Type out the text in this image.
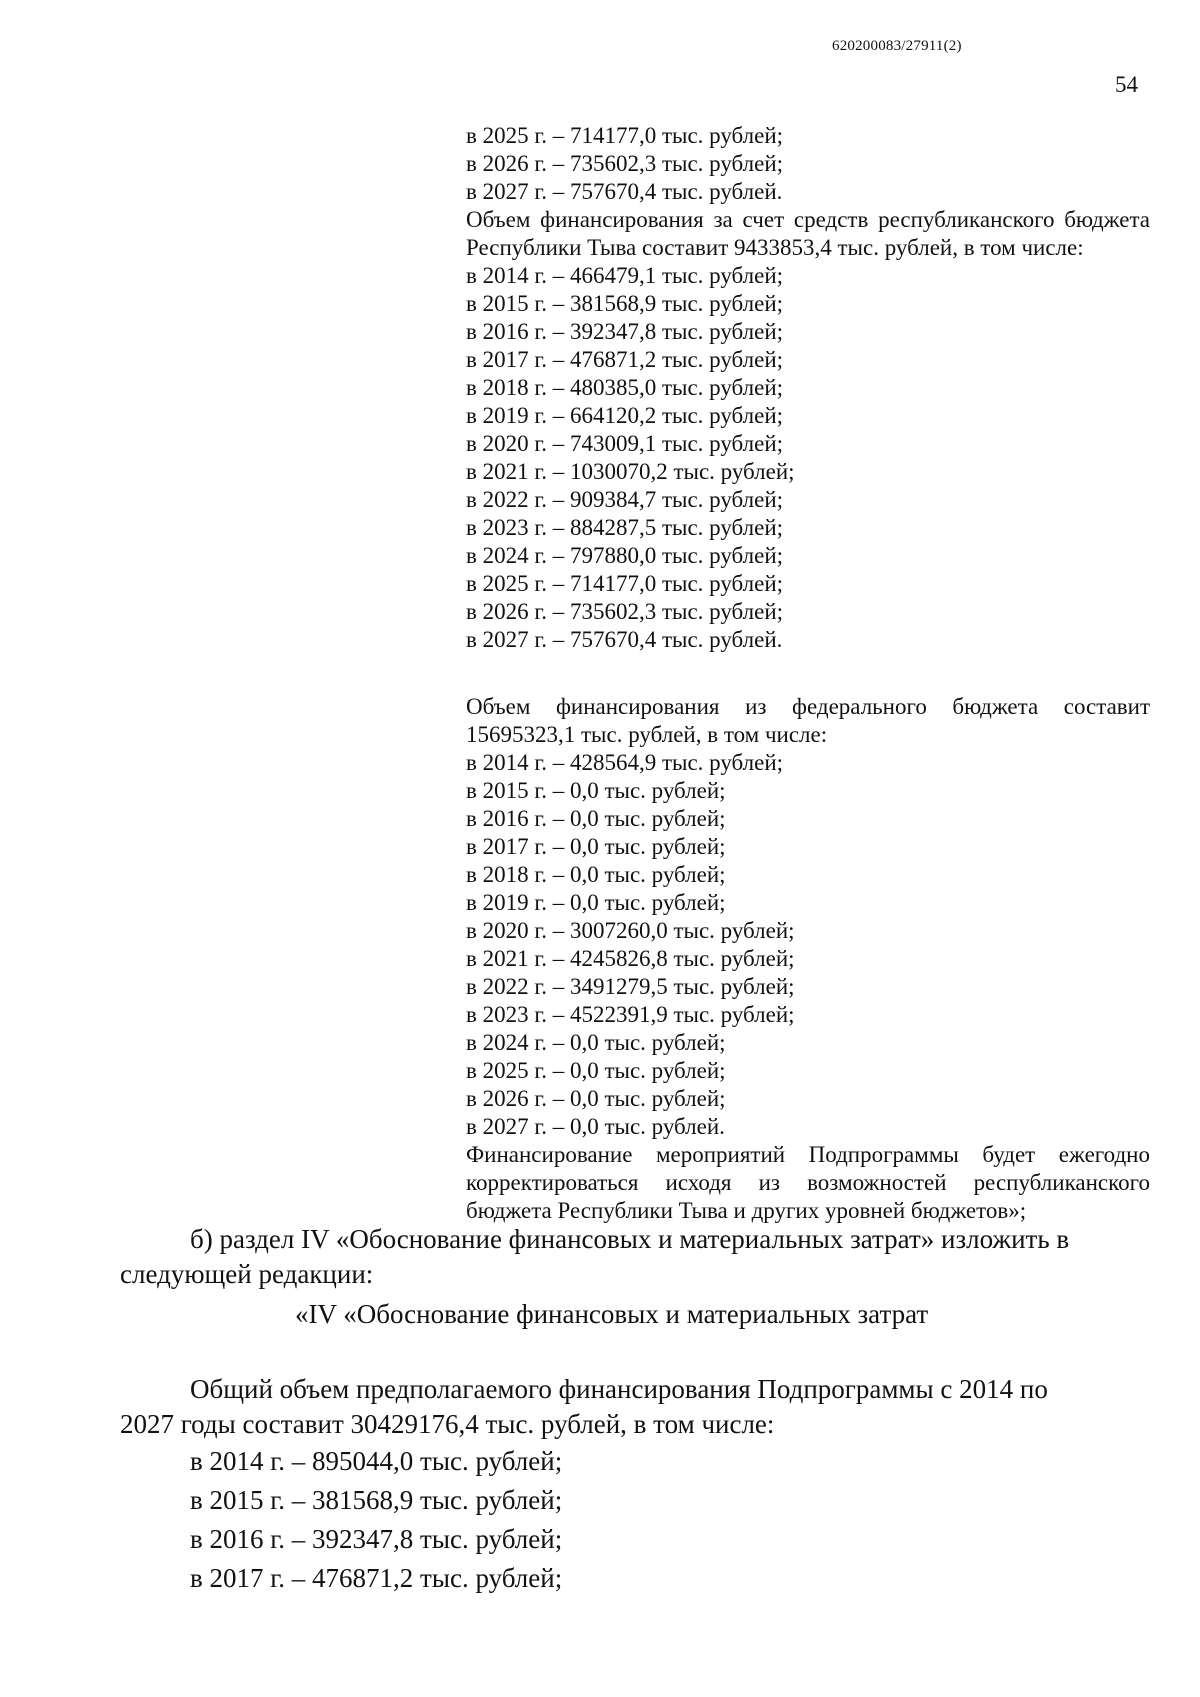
620200083/27911(2)
54
в 2025 г. – 714177,0 тыс. рублей;
в 2026 г. – 735602,3 тыс. рублей;
в 2027 г. – 757670,4 тыс. рублей.
Объем финансирования за счет средств республиканского бюджета Республики Тыва составит 9433853,4 тыс. рублей, в том числе:
в 2014 г. – 466479,1 тыс. рублей;
в 2015 г. – 381568,9 тыс. рублей;
в 2016 г. – 392347,8 тыс. рублей;
в 2017 г. – 476871,2 тыс. рублей;
в 2018 г. – 480385,0 тыс. рублей;
в 2019 г. – 664120,2 тыс. рублей;
в 2020 г. – 743009,1 тыс. рублей;
в 2021 г. – 1030070,2 тыс. рублей;
в 2022 г. – 909384,7 тыс. рублей;
в 2023 г. – 884287,5 тыс. рублей;
в 2024 г. – 797880,0 тыс. рублей;
в 2025 г. – 714177,0 тыс. рублей;
в 2026 г. – 735602,3 тыс. рублей;
в 2027 г. – 757670,4 тыс. рублей.
Объем финансирования из федерального бюджета составит 15695323,1 тыс. рублей, в том числе:
в 2014 г. – 428564,9 тыс. рублей;
в 2015 г. – 0,0 тыс. рублей;
в 2016 г. – 0,0 тыс. рублей;
в 2017 г. – 0,0 тыс. рублей;
в 2018 г. – 0,0 тыс. рублей;
в 2019 г. – 0,0 тыс. рублей;
в 2020 г. – 3007260,0 тыс. рублей;
в 2021 г. – 4245826,8 тыс. рублей;
в 2022 г. – 3491279,5 тыс. рублей;
в 2023 г. – 4522391,9 тыс. рублей;
в 2024 г. – 0,0 тыс. рублей;
в 2025 г. – 0,0 тыс. рублей;
в 2026 г. – 0,0 тыс. рублей;
в 2027 г. – 0,0 тыс. рублей.
Финансирование мероприятий Подпрограммы будет ежегодно корректироваться исходя из возможностей республиканского бюджета Республики Тыва и других уровней бюджетов»;
б) раздел IV «Обоснование финансовых и материальных затрат» изложить в
следующей редакции:
«IV «Обоснование финансовых и материальных затрат
Общий объем предполагаемого финансирования Подпрограммы с 2014 по
2027 годы составит 30429176,4 тыс. рублей, в том числе:
в 2014 г. – 895044,0 тыс. рублей;
в 2015 г. – 381568,9 тыс. рублей;
в 2016 г. – 392347,8 тыс. рублей;
в 2017 г. – 476871,2 тыс. рублей;
